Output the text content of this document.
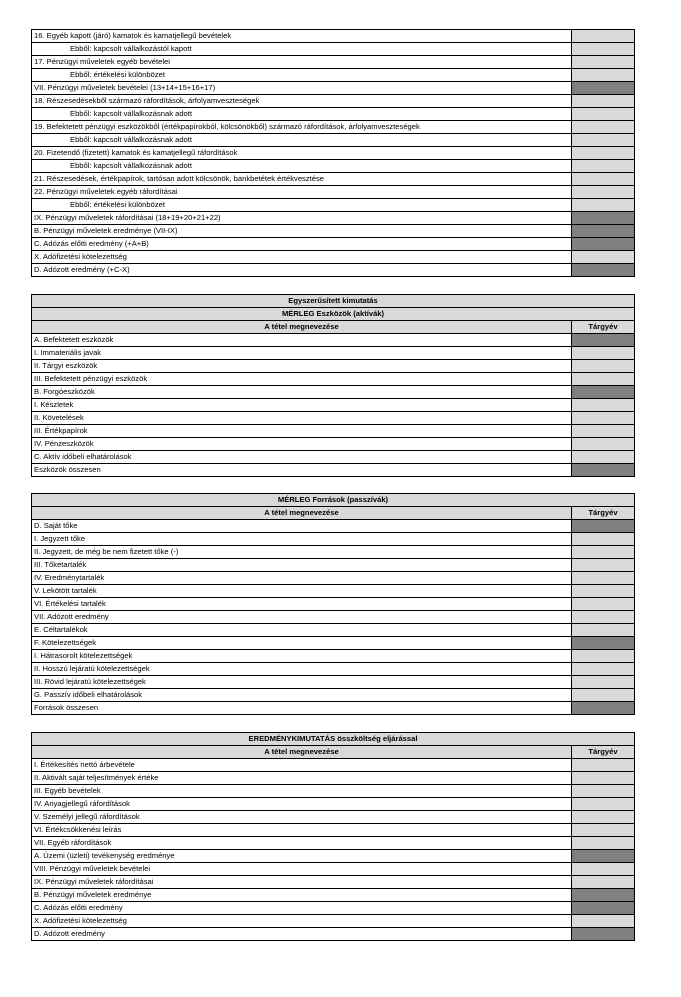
16. Egyéb kapott (járó) kamatok és kamatjellegű bevételek	
Ebből: kapcsolt vállalkozástól kapott	
17. Pénzügyi műveletek egyéb bevételei	
Ebből: értékelési különbözet	
VII. Pénzügyi műveletek bevételei (13+14+15+16+17)	
18. Részesedésekből származó ráfordítások, árfolyamveszteségek	
Ebből: kapcsolt vállalkozásnak adott	
19. Befektetett pénzügyi eszközökből (értékpapírokból, kölcsönökből) származó ráfordítások, árfolyamveszteségek	
Ebből: kapcsolt vállalkozásnak adott	
20. Fizetendő (fizetett) kamatok és kamatjellegű ráfordítások	
Ebből: kapcsolt vállalkozásnak adott	
21. Részesedések, értékpapírok, tartósan adott kölcsönök, bankbetétek értékvesztése	
22. Pénzügyi műveletek egyéb ráfordításai	
Ebből: értékelési különbözet	
IX. Pénzügyi műveletek ráfordításai (18+19+20+21+22)	
B. Pénzügyi műveletek eredménye (VII-IX)	
C. Adózás előtti eredmény (+A+B)	
X. Adófizetési kötelezettség	
D. Adózott eredmény (+C-X)	
Egyszerűsített kimutatás	
MÉRLEG Eszközök (aktívák)	
A tétel megnevezése	Tárgyév
A. Befektetett eszközök	
I. Immateriális javak	
II. Tárgyi eszközök	
III. Befektetett pénzügyi eszközök	
B. Forgóeszközök	
I. Készletek	
II. Követelések	
III. Értékpapírok	
IV. Pénzeszközök	
C. Aktív időbeli elhatárolások	
Eszközök összesen	
MÉRLEG Források (passzívák)	
A tétel megnevezése	Tárgyév
D. Saját tőke	
I. Jegyzett tőke	
II. Jegyzett, de még be nem fizetett tőke (-)	
III. Tőketartalék	
IV. Eredménytartalék	
V. Lekötött tartalék	
VI. Értékelési tartalék	
VII. Adózott eredmény	
E. Céltartalékok	
F. Kötelezettségek	
I. Hátrasorolt kötelezettségek	
II. Hosszú lejáratú kötelezettségek	
III. Rövid lejáratú kötelezettségek	
G. Passzív időbeli elhatárolások	
Források összesen	
EREDMÉNYKIMUTATÁS összköltség eljárással	
A tétel megnevezése	Tárgyév
I. Értékesítés nettó árbevétele	
II. Aktivált saját teljesítmények értéke	
III. Egyéb bevételek	
IV. Anyagjellegű ráfordítások	
V. Személyi jellegű ráfordítások	
VI. Értékcsökkenési leírás	
VII. Egyéb ráfordítások	
A. Üzemi (üzleti) tevékenység eredménye	
VIII. Pénzügyi műveletek bevételei	
IX. Pénzügyi műveletek ráfordításai	
B. Pénzügyi műveletek eredménye	
C. Adózás előtti eredmény	
X. Adófizetési kötelezettség	
D. Adózott eredmény	
